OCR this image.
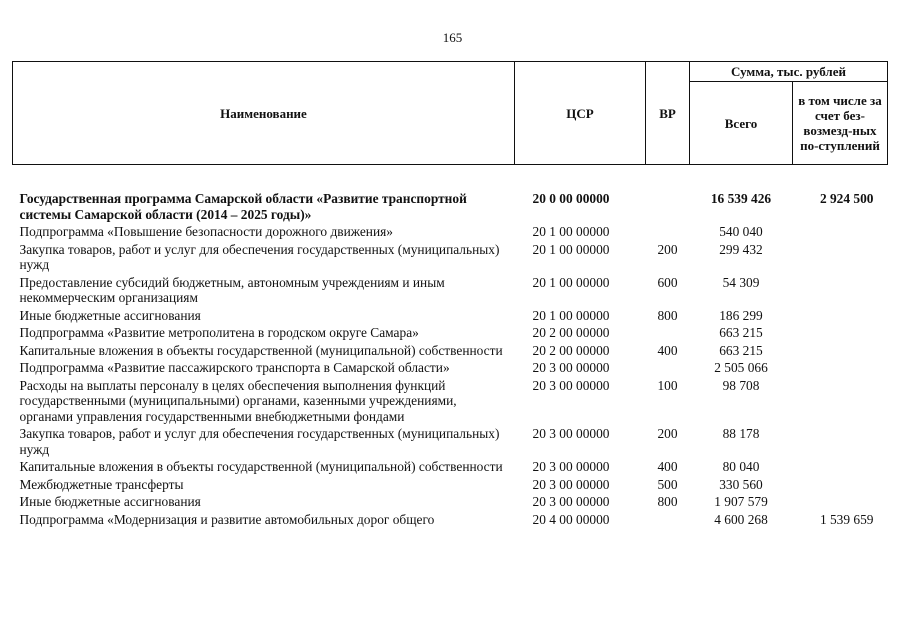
165
Наименование	ЦСР	ВР	Сумма, тыс. рублей	
			Всего	в том числе за счет без-возмезд-ных по-ступлений
Государственная программа Самарской области «Развитие транспортной системы Самарской области (2014 – 2025 годы)»	20 0 00 00000		16 539 426	2 924 500
Подпрограмма «Повышение безопасности дорожного движения»	20 1 00 00000		540 040	
Закупка товаров, работ и услуг для обеспечения государственных (муниципальных) нужд	20 1 00 00000	200	299 432	
Предоставление субсидий бюджетным, автономным учреждениям и иным некоммерческим организациям	20 1 00 00000	600	54 309	
Иные бюджетные ассигнования	20 1 00 00000	800	186 299	
Подпрограмма «Развитие метрополитена в городском округе Самара»	20 2 00 00000		663 215	
Капитальные вложения в объекты государственной (муниципальной) собственности	20 2 00 00000	400	663 215	
Подпрограмма «Развитие пассажирского транспорта в Самарской области»	20 3 00 00000		2 505 066	
Расходы на выплаты персоналу в целях обеспечения выполнения функций государственными (муниципальными) органами, казенными учреждениями, органами управления государственными внебюджетными фондами	20 3 00 00000	100	98 708	
Закупка товаров, работ и услуг для обеспечения государственных (муниципальных) нужд	20 3 00 00000	200	88 178	
Капитальные вложения в объекты государственной (муниципальной) собственности	20 3 00 00000	400	80 040	
Межбюджетные трансферты	20 3 00 00000	500	330 560	
Иные бюджетные ассигнования	20 3 00 00000	800	1 907 579	
Подпрограмма «Модернизация и развитие автомобильных дорог общего	20 4 00 00000		4 600 268	1 539 659
